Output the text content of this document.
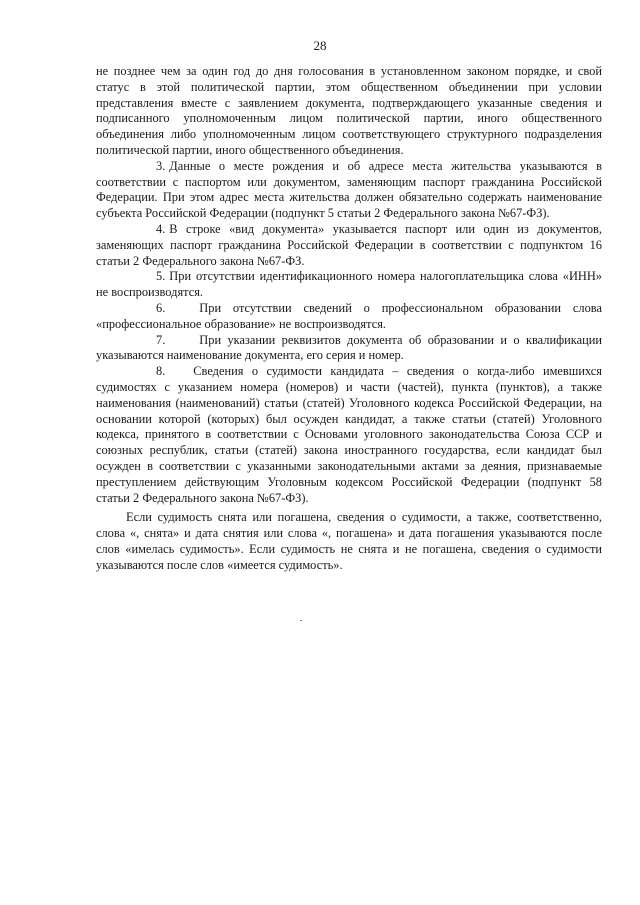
28

не позднее чем за один год до дня голосования в установленном законом порядке, и свой статус в этой политической партии, этом общественном объединении при условии представления вместе с заявлением документа, подтверждающего указанные сведения и подписанного уполномоченным лицом политической партии, иного общественного объединения либо уполномоченным лицом соответствующего структурного подразделения политической партии, иного общественного объединения.

3. Данные о месте рождения и об адресе места жительства указываются в соответствии с паспортом или документом, заменяющим паспорт гражданина Российской Федерации. При этом адрес места жительства должен обязательно содержать наименование субъекта Российской Федерации (подпункт 5 статьи 2 Федерального закона №67-ФЗ).

4. В строке «вид документа» указывается паспорт или один из документов, заменяющих паспорт гражданина Российской Федерации в соответствии с подпунктом 16 статьи 2 Федерального закона №67-ФЗ.

5. При отсутствии идентификационного номера налогоплательщика слова «ИНН» не воспроизводятся.

6.	При отсутствии сведений о профессиональном образовании слова «профессиональное образование» не воспроизводятся.

7.	При указании реквизитов документа об образовании и о квалификации указываются наименование документа, его серия и номер.

8. Сведения о судимости кандидата – сведения о когда-либо имевшихся судимостях с указанием номера (номеров) и части (частей), пункта (пунктов), а также наименования (наименований) статьи (статей) Уголовного кодекса Российской Федерации, на основании которой (которых) был осужден кандидат, а также статьи (статей) Уголовного кодекса, принятого в соответствии с Основами уголовного законодательства Союза ССР и союзных республик, статьи (статей) закона иностранного государства, если кандидат был осужден в соответствии с указанными законодательными актами за деяния, признаваемые преступлением действующим Уголовным кодексом Российской Федерации (подпункт 58 статьи 2 Федерального закона №67-ФЗ).

Если судимость снята или погашена, сведения о судимости, а также, соответственно, слова «, снята» и дата снятия или слова «, погашена» и дата погашения указываются после слов «имелась судимость». Если судимость не снята и не погашена, сведения о судимости указываются после слов «имеется судимость».
